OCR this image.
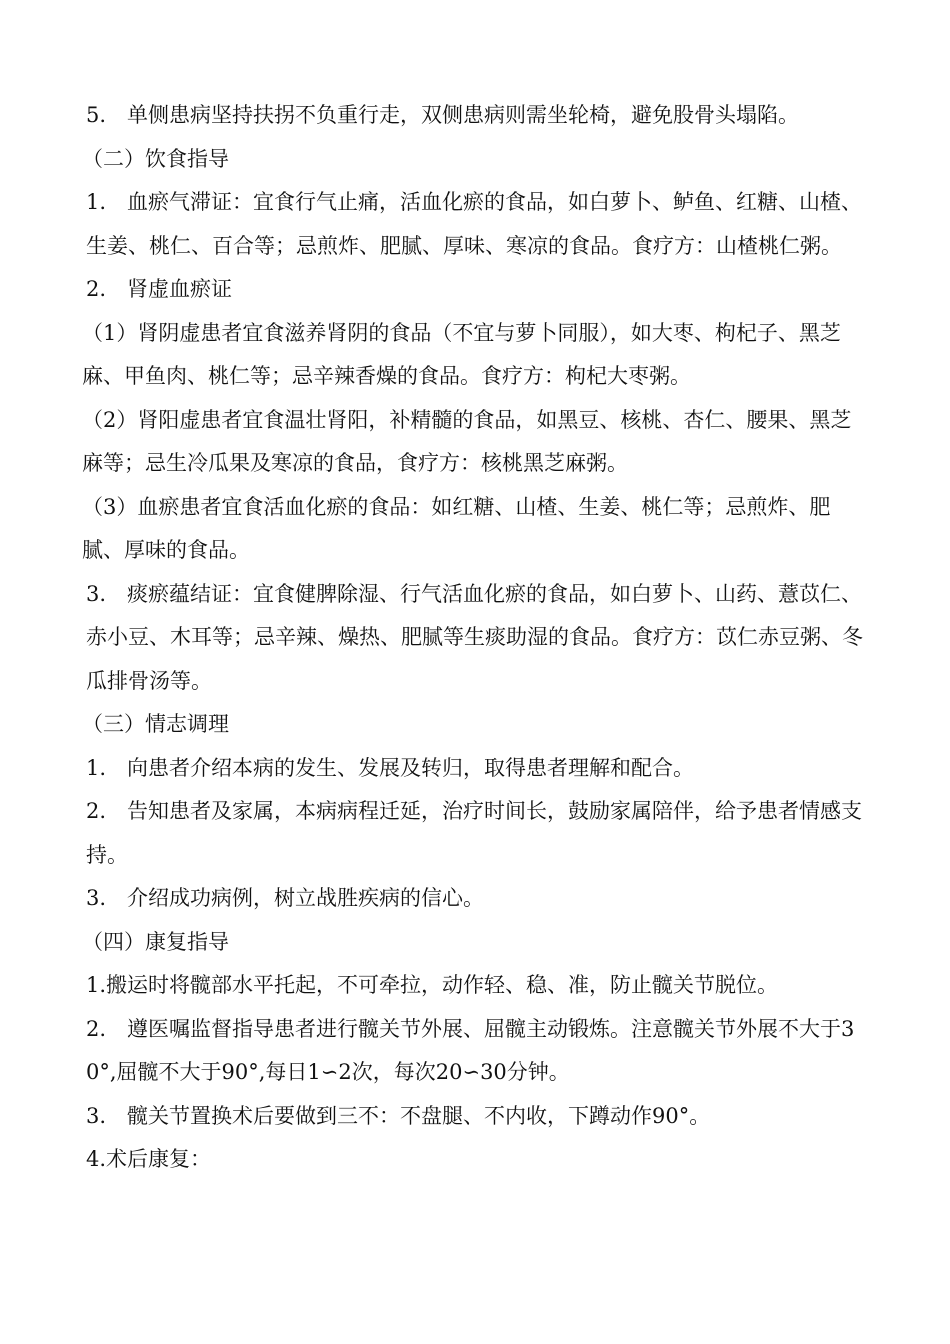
5.　单侧患病坚持扶拐不负重行走，双侧患病则需坐轮椅，避免股骨头塌陷。

（二）饮食指导

1.　血瘀气滞证：宜食行气止痛，活血化瘀的食品，如白萝卜、鲈鱼、红糖、山楂、生姜、桃仁、百合等；忌煎炸、肥腻、厚味、寒凉的食品。食疗方：山楂桃仁粥。

2.　肾虚血瘀证

（1）肾阴虚患者宜食滋养肾阴的食品（不宜与萝卜同服），如大枣、枸杞子、黑芝麻、甲鱼肉、桃仁等；忌辛辣香燥的食品。食疗方：枸杞大枣粥。

（2）肾阳虚患者宜食温壮肾阳，补精髓的食品，如黑豆、核桃、杏仁、腰果、黑芝麻等；忌生冷瓜果及寒凉的食品，食疗方：核桃黑芝麻粥。

（3）血瘀患者宜食活血化瘀的食品：如红糖、山楂、生姜、桃仁等；忌煎炸、肥腻、厚味的食品。

3.　痰瘀蕴结证：宜食健脾除湿、行气活血化瘀的食品，如白萝卜、山药、薏苡仁、赤小豆、木耳等；忌辛辣、燥热、肥腻等生痰助湿的食品。食疗方：苡仁赤豆粥、冬瓜排骨汤等。

（三）情志调理

1.　向患者介绍本病的发生、发展及转归，取得患者理解和配合。

2.　告知患者及家属，本病病程迁延，治疗时间长，鼓励家属陪伴，给予患者情感支持。

3.　介绍成功病例，树立战胜疾病的信心。

（四）康复指导

1.搬运时将髋部水平托起，不可牵拉，动作轻、稳、准，防止髋关节脱位。

2.　遵医嘱监督指导患者进行髋关节外展、屈髋主动锻炼。注意髋关节外展不大于30°,屈髋不大于90°,每日1∽2次，每次20∽30分钟。

3.　髋关节置换术后要做到三不：不盘腿、不内收，下蹲动作90°。

4.术后康复：
